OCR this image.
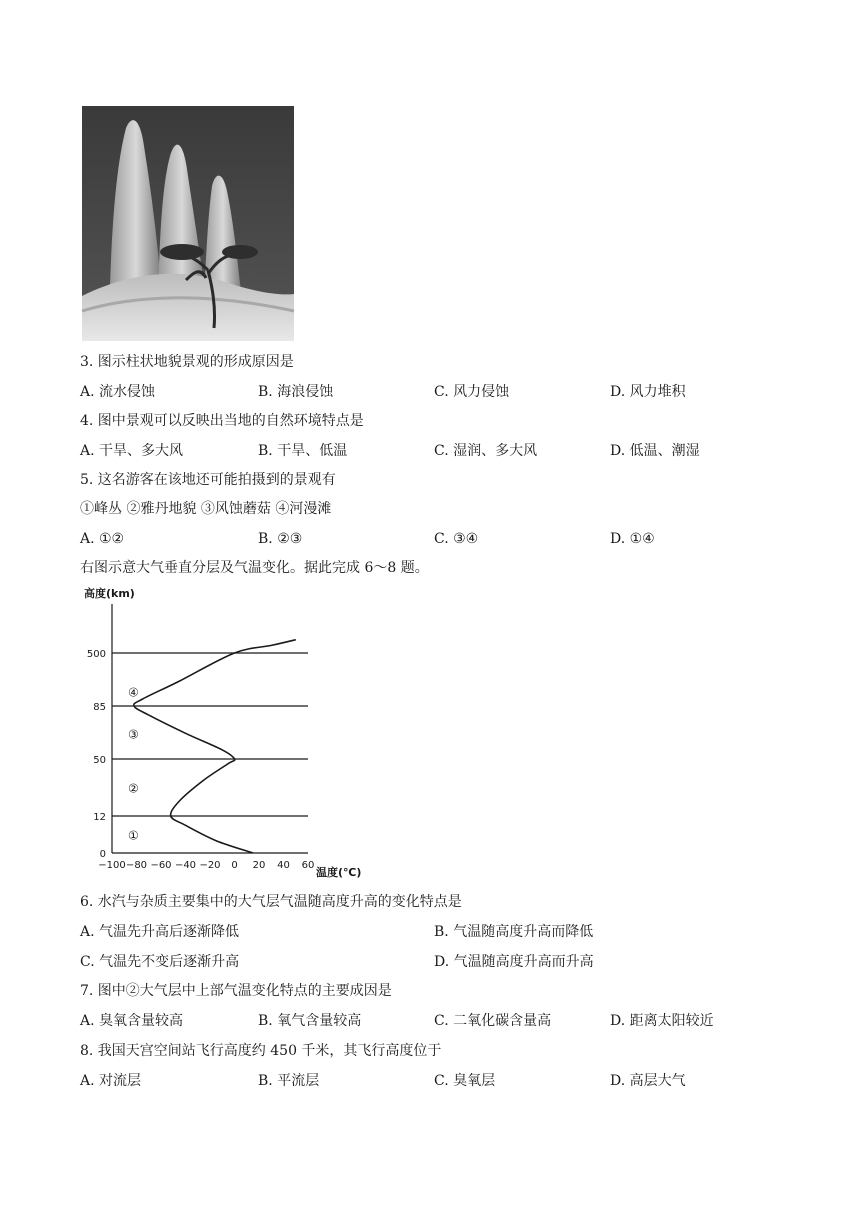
3. 图示柱状地貌景观的形成原因是
A. 流水侵蚀	B. 海浪侵蚀	C. 风力侵蚀	D. 风力堆积
4. 图中景观可以反映出当地的自然环境特点是
A. 干旱、多大风	B. 干旱、低温	C. 湿润、多大风	D. 低温、潮湿
5. 这名游客在该地还可能拍摄到的景观有
①峰丛 ②雅丹地貌 ③风蚀蘑菇 ④河漫滩
A. ①②	B. ②③	C. ③④	D. ①④
右图示意大气垂直分层及气温变化。据此完成 6～8 题。
高度(km)
温度(℃)
0
12
50
85
500
−100 −80 −60 −40 −20 0 20 40 60
①
②
③
④
6. 水汽与杂质主要集中的大气层气温随高度升高的变化特点是
A. 气温先升高后逐渐降低	B. 气温随高度升高而降低
C. 气温先不变后逐渐升高	D. 气温随高度升高而升高
7. 图中②大气层中上部气温变化特点的主要成因是
A. 臭氧含量较高	B. 氧气含量较高	C. 二氧化碳含量高	D. 距离太阳较近
8. 我国天宫空间站飞行高度约 450 千米，其飞行高度位于
A. 对流层	B. 平流层	C. 臭氧层	D. 高层大气
